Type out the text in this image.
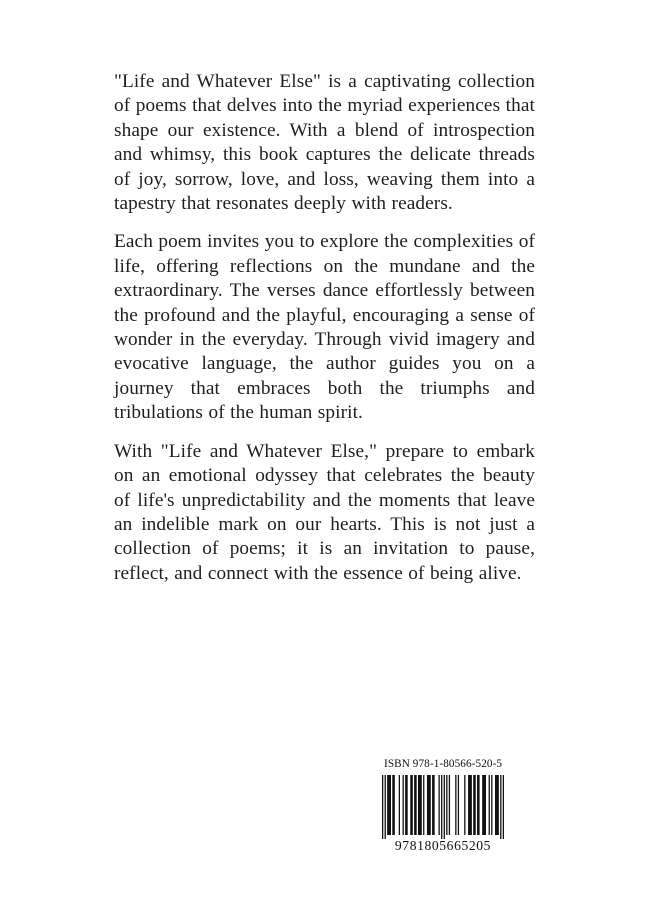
"Life and Whatever Else" is a captivating collection of poems that delves into the myriad experiences that shape our existence. With a blend of introspection and whimsy, this book captures the delicate threads of joy, sorrow, love, and loss, weaving them into a tapestry that resonates deeply with readers.

Each poem invites you to explore the complexities of life, offering reflections on the mundane and the extraordinary. The verses dance effortlessly between the profound and the playful, encouraging a sense of wonder in the everyday. Through vivid imagery and evocative language, the author guides you on a journey that embraces both the triumphs and tribulations of the human spirit.

With "Life and Whatever Else," prepare to embark on an emotional odyssey that celebrates the beauty of life's unpredictability and the moments that leave an indelible mark on our hearts. This is not just a collection of poems; it is an invitation to pause, reflect, and connect with the essence of being alive.

ISBN 978-1-80566-520-5
9781805665205
